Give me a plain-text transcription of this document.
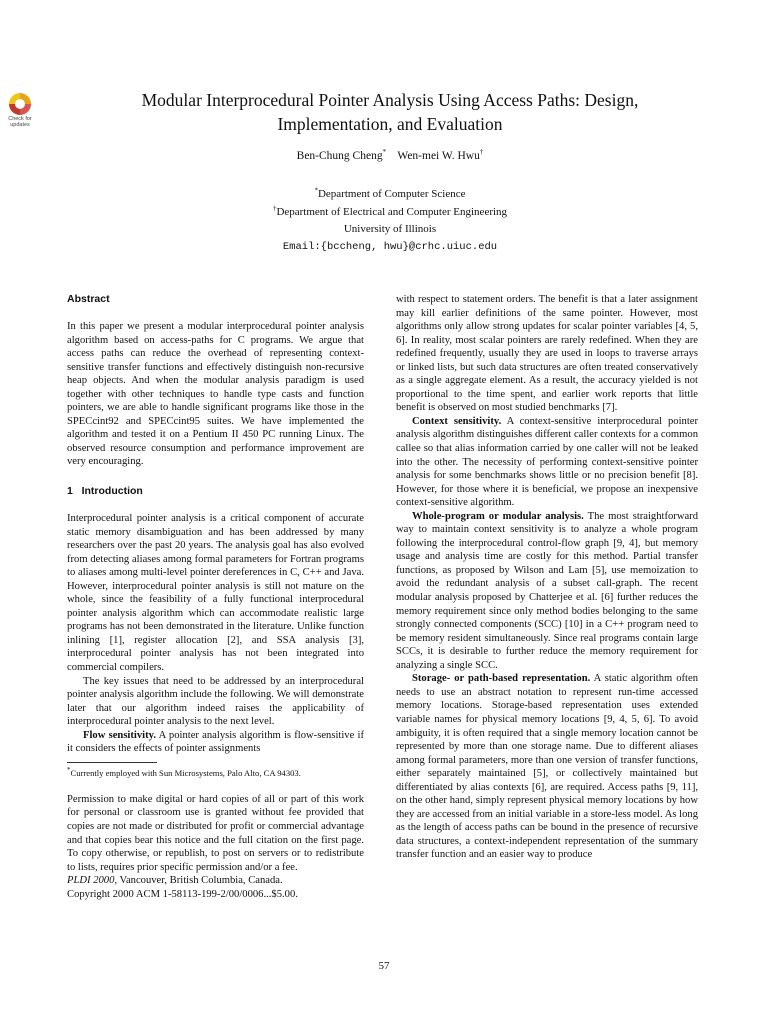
Check for
updates
Modular Interprocedural Pointer Analysis Using Access Paths: Design,
Implementation, and Evaluation
Ben-Chung Cheng* Wen-mei W. Hwu†
*Department of Computer Science
†Department of Electrical and Computer Engineering
University of Illinois
Email:{bccheng, hwu}@crhc.uiuc.edu
Abstract

In this paper we present a modular interprocedural pointer analysis algorithm based on access-paths for C programs. We argue that access paths can reduce the overhead of representing context-sensitive transfer functions and effectively distinguish non-recursive heap objects. And when the modular analysis paradigm is used together with other techniques to handle type casts and function pointers, we are able to handle significant programs like those in the SPECcint92 and SPECcint95 suites. We have implemented the algorithm and tested it on a Pentium II 450 PC running Linux. The observed resource consumption and performance improvement are very encouraging.

1   Introduction

Interprocedural pointer analysis is a critical component of accurate static memory disambiguation and has been addressed by many researchers over the past 20 years. The analysis goal has also evolved from detecting aliases among formal parameters for Fortran programs to aliases among multi-level pointer dereferences in C, C++ and Java. However, interprocedural pointer analysis is still not mature on the whole, since the feasibility of a fully functional interprocedural pointer analysis algorithm which can accommodate realistic large programs has not been demonstrated in the literature. Unlike function inlining [1], register allocation [2], and SSA analysis [3], interprocedural pointer analysis has not been integrated into commercial compilers.

The key issues that need to be addressed by an interprocedural pointer analysis algorithm include the following. We will demonstrate later that our algorithm indeed raises the applicability of interprocedural pointer analysis to the next level.

Flow sensitivity. A pointer analysis algorithm is flow-sensitive if it considers the effects of pointer assignments

*Currently employed with Sun Microsystems, Palo Alto, CA 94303.

Permission to make digital or hard copies of all or part of this work for personal or classroom use is granted without fee provided that copies are not made or distributed for profit or commercial advantage and that copies bear this notice and the full citation on the first page. To copy otherwise, or republish, to post on servers or to redistribute to lists, requires prior specific permission and/or a fee.

PLDI 2000, Vancouver, British Columbia, Canada.

Copyright 2000 ACM 1-58113-199-2/00/0006...$5.00.

with respect to statement orders. The benefit is that a later assignment may kill earlier definitions of the same pointer. However, most algorithms only allow strong updates for scalar pointer variables [4, 5, 6]. In reality, most scalar pointers are rarely redefined. When they are redefined frequently, usually they are used in loops to traverse arrays or linked lists, but such data structures are often treated conservatively as a single aggregate element. As a result, the accuracy yielded is not proportional to the time spent, and earlier work reports that little benefit is observed on most studied benchmarks [7].

Context sensitivity. A context-sensitive interprocedural pointer analysis algorithm distinguishes different caller contexts for a common callee so that alias information carried by one caller will not be leaked into the other. The necessity of performing context-sensitive pointer analysis for some benchmarks shows little or no precision benefit [8]. However, for those where it is beneficial, we propose an inexpensive context-sensitive algorithm.

Whole-program or modular analysis. The most straightforward way to maintain context sensitivity is to analyze a whole program following the interprocedural control-flow graph [9, 4], but memory usage and analysis time are costly for this method. Partial transfer functions, as proposed by Wilson and Lam [5], use memoization to avoid the redundant analysis of a subset call-graph. The recent modular analysis proposed by Chatterjee et al. [6] further reduces the memory requirement since only method bodies belonging to the same strongly connected components (SCC) [10] in a C++ program need to be memory resident simultaneously. Since real programs contain large SCCs, it is desirable to further reduce the memory requirement for analyzing a single SCC.

Storage- or path-based representation. A static algorithm often needs to use an abstract notation to represent run-time accessed memory locations. Storage-based representation uses extended variable names for physical memory locations [9, 4, 5, 6]. To avoid ambiguity, it is often required that a single memory location cannot be represented by more than one storage name. Due to different aliases among formal parameters, more than one version of transfer functions, either separately maintained [5], or collectively maintained but differentiated by alias contexts [6], are required. Access paths [9, 11], on the other hand, simply represent physical memory locations by how they are accessed from an initial variable in a store-less model. As long as the length of access paths can be bound in the presence of recursive data structures, a context-independent representation of the summary transfer function and an easier way to produce

57
